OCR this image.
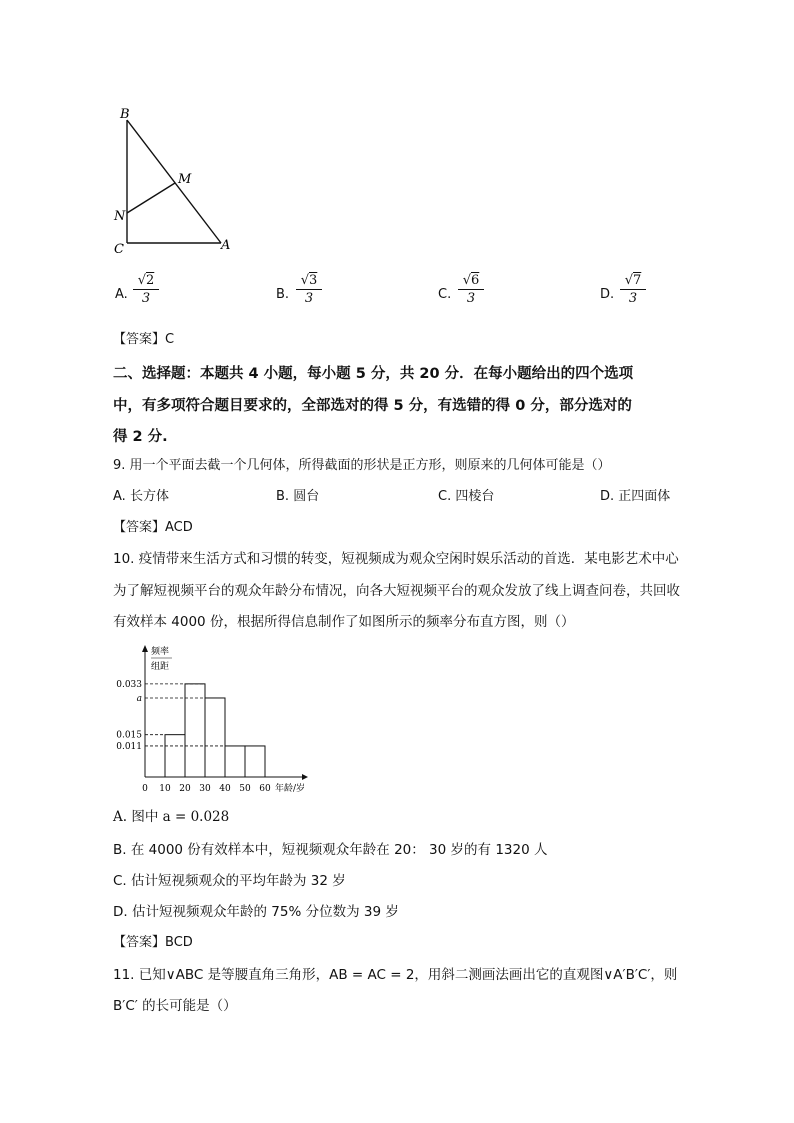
B
M
N
C	A
A. $\frac{√2}{3}$	B. $\frac{√3}{3}$	C. $\frac{√6}{3}$	D. $\frac{√7}{3}$
【答案】C
二、选择题：本题共 4 小题，每小题 5 分，共 20 分．在每小题给出的四个选项
中，有多项符合题目要求的，全部选对的得 5 分，有选错的得 0 分，部分选对的
得 2 分.
9. 用一个平面去截一个几何体，所得截面的形状是正方形，则原来的几何体可能是（）
A. 长方体	B. 圆台	C. 四棱台	D. 正四面体
【答案】ACD
10. 疫情带来生活方式和习惯的转变，短视频成为观众空闲时娱乐活动的首选．某电影艺术中心
为了解短视频平台的观众年龄分布情况，向各大短视频平台的观众发放了线上调查问卷，共回收
有效样本 4000 份，根据所得信息制作了如图所示的频率分布直方图，则（）
0.033
a
0.015
0.011
0 10 20 30 40 50 60
频率
组距
年龄/岁
A. 图中 a = 0.028
B. 在 4000 份有效样本中，短视频观众年龄在 20： 30 岁的有 1320 人
C. 估计短视频观众的平均年龄为 32 岁
D. 估计短视频观众年龄的 75% 分位数为 39 岁
【答案】BCD
11. 已知∨ABC 是等腰直角三角形，AB = AC = 2，用斜二测画法画出它的直观图∨A′B′C′，则
B′C′ 的长可能是（）
